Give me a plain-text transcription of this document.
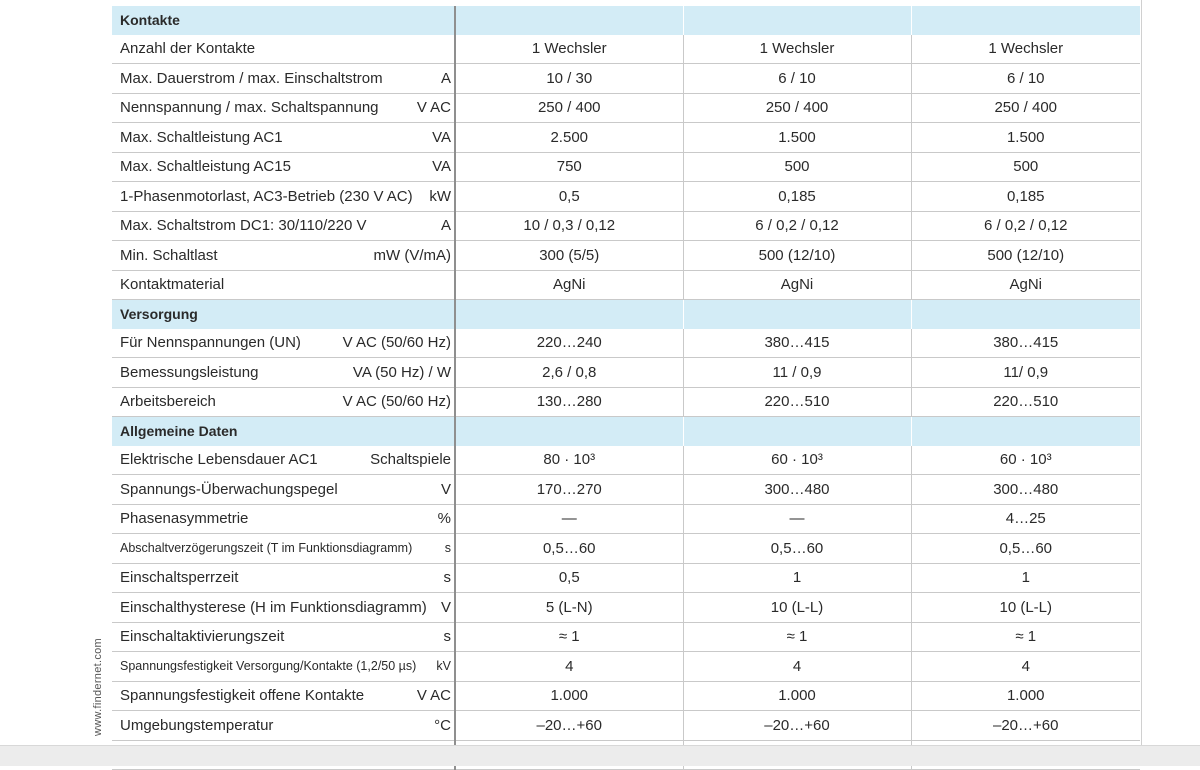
Kontakte			

Anzahl der Kontakte	1 Wechsler	1 Wechsler	1 Wechsler

Max. Dauerstrom / max. Einschaltstrom A	10 / 30	6 / 10	6 / 10

Nennspannung / max. Schaltspannung V AC	250 / 400	250 / 400	250 / 400

Max. Schaltleistung AC1 VA	2.500	1.500	1.500

Max. Schaltleistung AC15 VA	750	500	500

1-Phasenmotorlast, AC3-Betrieb (230 V AC) kW	0,5	0,185	0,185

Max. Schaltstrom DC1: 30/110/220 V A	10 / 0,3 / 0,12	6 / 0,2 / 0,12	6 / 0,2 / 0,12

Min. Schaltlast mW (V/mA)	300 (5/5)	500 (12/10)	500 (12/10)

Kontaktmaterial	AgNi	AgNi	AgNi
Versorgung			

Für Nennspannungen (UN) V AC (50/60 Hz)	220…240	380…415	380…415

Bemessungsleistung VA (50 Hz) / W	2,6 / 0,8	11 / 0,9	11/ 0,9

Arbeitsbereich V AC (50/60 Hz)	130…280	220…510	220…510
Allgemeine Daten			

Elektrische Lebensdauer AC1 Schaltspiele	80 · 10³	60 · 10³	60 · 10³

Spannungs-Überwachungspegel V	170…270	300…480	300…480

Phasenasymmetrie %	—	—	4…25

Abschaltverzögerungszeit (T im Funktionsdiagramm) s	0,5…60	0,5…60	0,5…60

Einschaltsperrzeit s	0,5	1	1

Einschalthysterese (H im Funktionsdiagramm) V	5 (L-N)	10 (L-L)	10 (L-L)

Einschaltaktivierungszeit s	≈ 1	≈ 1	≈ 1

Spannungsfestigkeit Versorgung/Kontakte (1,2/50 µs) kV	4	4	4

Spannungsfestigkeit offene Kontakte V AC	1.000	1.000	1.000

Umgebungstemperatur °C	–20…+60	–20…+60	–20…+60

www.findernet.com
